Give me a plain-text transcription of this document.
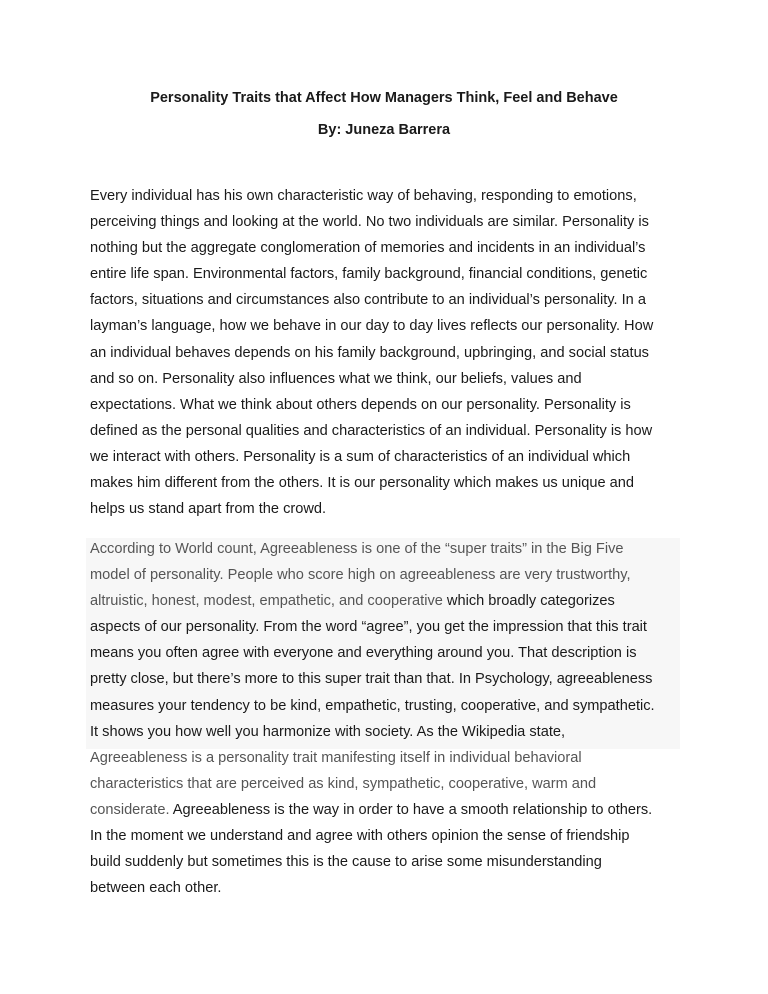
Personality Traits that Affect How Managers Think, Feel and Behave
By: Juneza Barrera

Every individual has his own characteristic way of behaving, responding to emotions,
perceiving things and looking at the world. No two individuals are similar. Personality is
nothing but the aggregate conglomeration of memories and incidents in an individual’s
entire life span. Environmental factors, family background, financial conditions, genetic
factors, situations and circumstances also contribute to an individual’s personality. In a
layman’s language, how we behave in our day to day lives reflects our personality. How
an individual behaves depends on his family background, upbringing, and social status
and so on. Personality also influences what we think, our beliefs, values and
expectations. What we think about others depends on our personality. Personality is
defined as the personal qualities and characteristics of an individual. Personality is how
we interact with others. Personality is a sum of characteristics of an individual which
makes him different from the others. It is our personality which makes us unique and
helps us stand apart from the crowd.

According to World count, Agreeableness is one of the “super traits” in the Big Five
model of personality. People who score high on agreeableness are very trustworthy,
altruistic, honest, modest, empathetic, and cooperative which broadly categorizes
aspects of our personality. From the word “agree”, you get the impression that this trait
means you often agree with everyone and everything around you. That description is
pretty close, but there’s more to this super trait than that. In Psychology, agreeableness
measures your tendency to be kind, empathetic, trusting, cooperative, and sympathetic.
It shows you how well you harmonize with society. As the Wikipedia state,
Agreeableness is a personality trait manifesting itself in individual behavioral
characteristics that are perceived as kind, sympathetic, cooperative, warm and
considerate. Agreeableness is the way in order to have a smooth relationship to others.
In the moment we understand and agree with others opinion the sense of friendship
build suddenly but sometimes this is the cause to arise some misunderstanding
between each other.
